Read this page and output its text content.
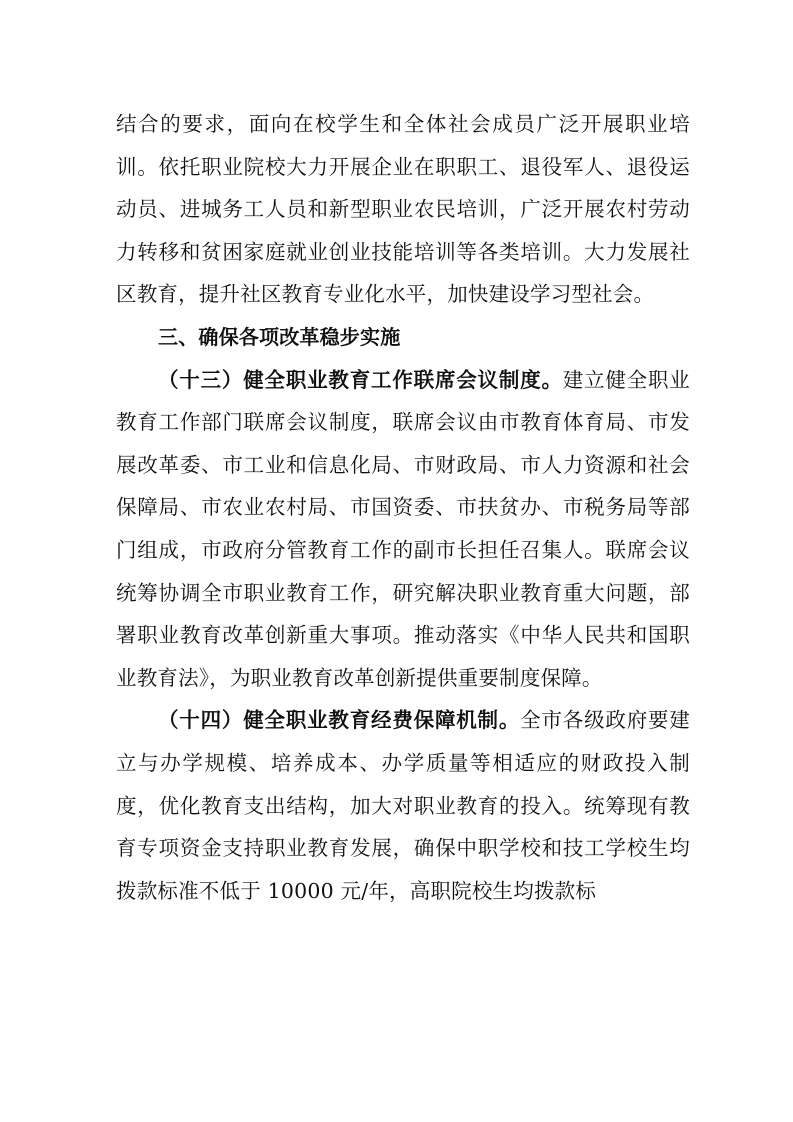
结合的要求，面向在校学生和全体社会成员广泛开展职业培训。依托职业院校大力开展企业在职职工、退役军人、退役运动员、进城务工人员和新型职业农民培训，广泛开展农村劳动力转移和贫困家庭就业创业技能培训等各类培训。大力发展社区教育，提升社区教育专业化水平，加快建设学习型社会。

三、确保各项改革稳步实施

（十三）健全职业教育工作联席会议制度。建立健全职业教育工作部门联席会议制度，联席会议由市教育体育局、市发展改革委、市工业和信息化局、市财政局、市人力资源和社会保障局、市农业农村局、市国资委、市扶贫办、市税务局等部门组成，市政府分管教育工作的副市长担任召集人。联席会议统筹协调全市职业教育工作，研究解决职业教育重大问题，部署职业教育改革创新重大事项。推动落实《中华人民共和国职业教育法》，为职业教育改革创新提供重要制度保障。

（十四）健全职业教育经费保障机制。全市各级政府要建立与办学规模、培养成本、办学质量等相适应的财政投入制度，优化教育支出结构，加大对职业教育的投入。统筹现有教育专项资金支持职业教育发展，确保中职学校和技工学校生均拨款标准不低于 10000 元/年，高职院校生均拨款标
